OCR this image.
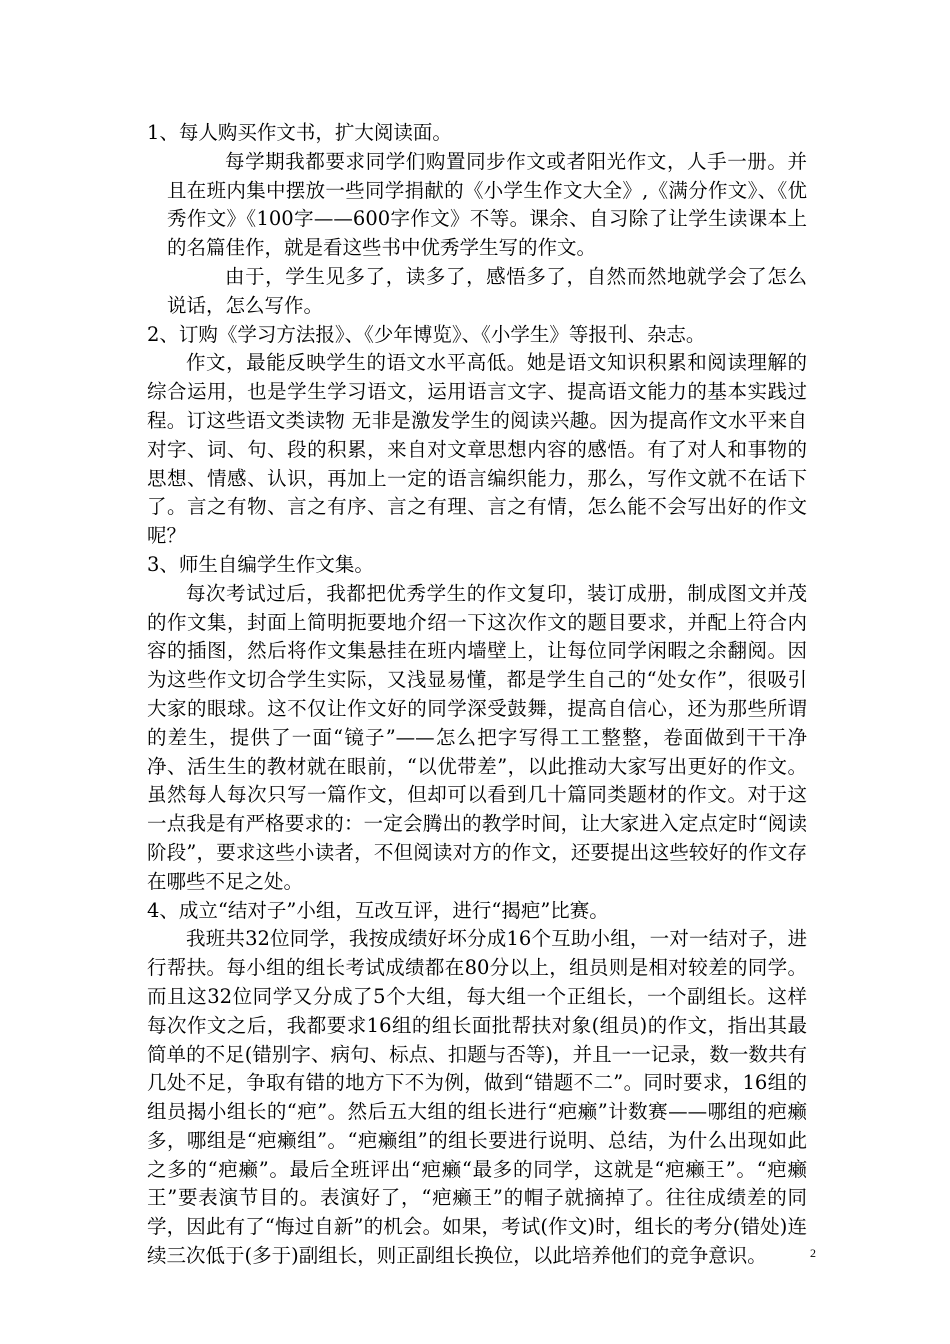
1、每人购买作文书，扩大阅读面。

每学期我都要求同学们购置同步作文或者阳光作文，人手一册。并且在班内集中摆放一些同学捐献的《小学生作文大全》,《满分作文》、《优秀作文》《100字——600字作文》不等。课余、自习除了让学生读课本上的名篇佳作，就是看这些书中优秀学生写的作文。

由于，学生见多了，读多了，感悟多了，自然而然地就学会了怎么说话，怎么写作。

2、订购《学习方法报》、《少年博览》、《小学生》等报刊、杂志。

作文，最能反映学生的语文水平高低。她是语文知识积累和阅读理解的综合运用，也是学生学习语文，运用语言文字、提高语文能力的基本实践过程。订这些语文类读物 无非是激发学生的阅读兴趣。因为提高作文水平来自对字、词、句、段的积累，来自对文章思想内容的感悟。有了对人和事物的思想、情感、认识，再加上一定的语言编织能力，那么，写作文就不在话下了。言之有物、言之有序、言之有理、言之有情，怎么能不会写出好的作文呢？

3、师生自编学生作文集。

每次考试过后，我都把优秀学生的作文复印，装订成册，制成图文并茂的作文集，封面上简明扼要地介绍一下这次作文的题目要求，并配上符合内容的插图，然后将作文集悬挂在班内墙壁上，让每位同学闲暇之余翻阅。因为这些作文切合学生实际，又浅显易懂，都是学生自己的“处女作”，很吸引大家的眼球。这不仅让作文好的同学深受鼓舞，提高自信心，还为那些所谓的差生，提供了一面“镜子”——怎么把字写得工工整整，卷面做到干干净净、活生生的教材就在眼前，“以优带差”，以此推动大家写出更好的作文。虽然每人每次只写一篇作文，但却可以看到几十篇同类题材的作文。对于这一点我是有严格要求的：一定会腾出的教学时间，让大家进入定点定时“阅读阶段”，要求这些小读者，不但阅读对方的作文，还要提出这些较好的作文存在哪些不足之处。

4、成立“结对子”小组，互改互评，进行“揭疤”比赛。

我班共32位同学，我按成绩好坏分成16个互助小组，一对一结对子，进行帮扶。每小组的组长考试成绩都在80分以上，组员则是相对较差的同学。而且这32位同学又分成了5个大组，每大组一个正组长，一个副组长。这样每次作文之后，我都要求16组的组长面批帮扶对象(组员)的作文，指出其最简单的不足(错别字、病句、标点、扣题与否等)，并且一一记录，数一数共有几处不足，争取有错的地方下不为例，做到“错题不二”。同时要求，16组的组员揭小组长的“疤”。然后五大组的组长进行“疤癞”计数赛——哪组的疤癞多，哪组是“疤癞组”。“疤癞组”的组长要进行说明、总结，为什么出现如此之多的“疤癞”。最后全班评出“疤癞“最多的同学，这就是“疤癞王”。“疤癞王”要表演节目的。表演好了，“疤癞王”的帽子就摘掉了。往往成绩差的同学，因此有了“悔过自新”的机会。如果，考试(作文)时，组长的考分(错处)连续三次低于(多于)副组长，则正副组长换位，以此培养他们的竞争意识。	2
